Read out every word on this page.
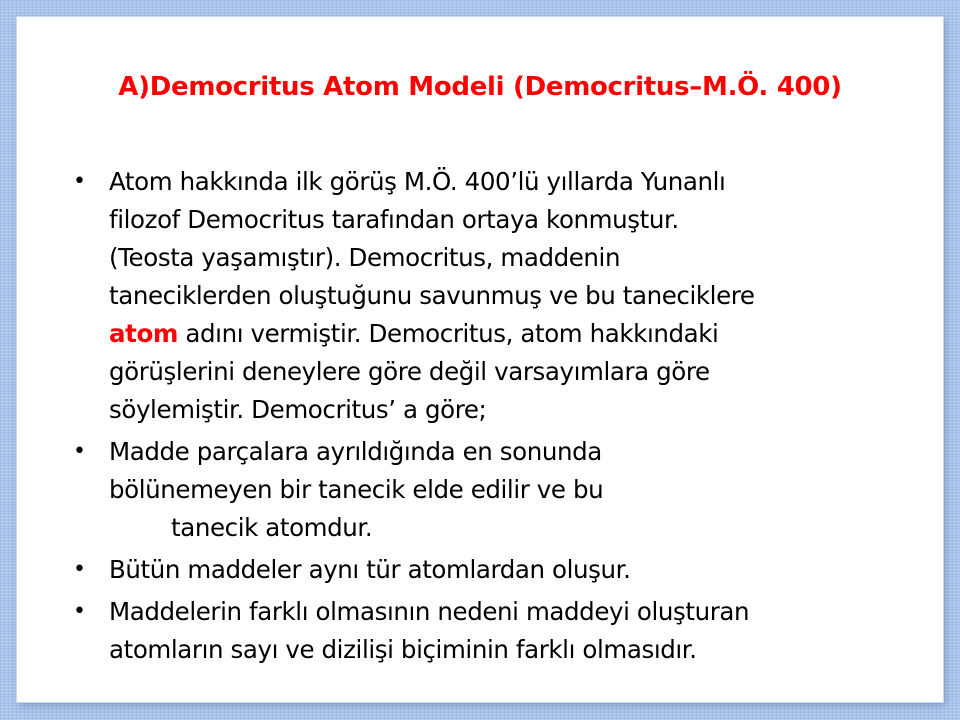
A)Democritus Atom Modeli (Democritus–M.Ö. 400)
• Atom hakkında ilk görüş M.Ö. 400’lü yıllarda Yunanlı
filozof Democritus tarafından ortaya konmuştur.
(Teosta yaşamıştır). Democritus, maddenin
taneciklerden oluştuğunu savunmuş ve bu taneciklere
atom adını vermiştir. Democritus, atom hakkındaki
görüşlerini deneylere göre değil varsayımlara göre
söylemiştir. Democritus’ a göre;
• Madde parçalara ayrıldığında en sonunda
bölünemeyen bir tanecik elde edilir ve bu
tanecik atomdur.
• Bütün maddeler aynı tür atomlardan oluşur.
• Maddelerin farklı olmasının nedeni maddeyi oluşturan
atomların sayı ve dizilişi biçiminin farklı olmasıdır.
